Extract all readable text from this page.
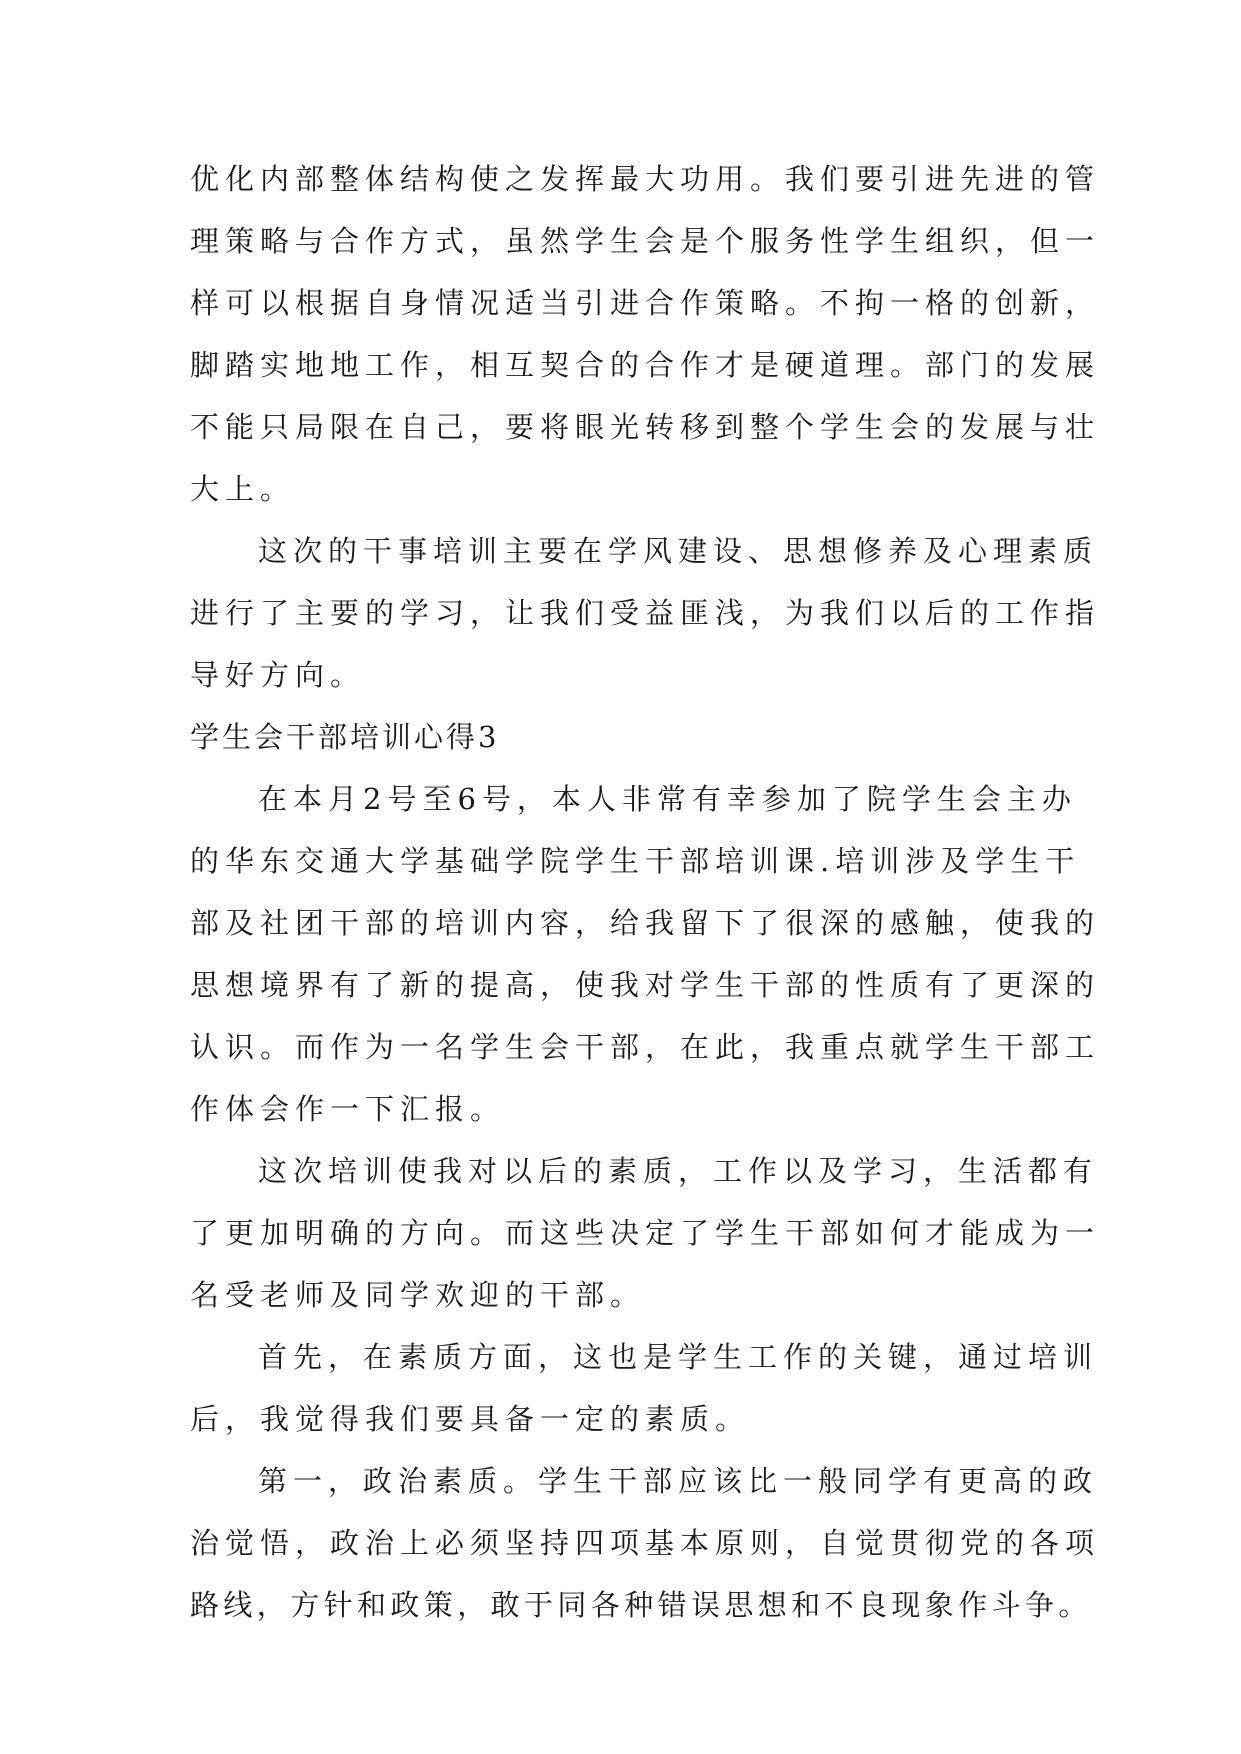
优化内部整体结构使之发挥最大功用。我们要引进先进的管
理策略与合作方式，虽然学生会是个服务性学生组织，但一
样可以根据自身情况适当引进合作策略。不拘一格的创新，
脚踏实地地工作，相互契合的合作才是硬道理。部门的发展
不能只局限在自己，要将眼光转移到整个学生会的发展与壮
大上。
这次的干事培训主要在学风建设、思想修养及心理素质
进行了主要的学习，让我们受益匪浅，为我们以后的工作指
导好方向。
学生会干部培训心得3
在本月2号至6号，本人非常有幸参加了院学生会主办
的华东交通大学基础学院学生干部培训课.培训涉及学生干
部及社团干部的培训内容，给我留下了很深的感触，使我的
思想境界有了新的提高，使我对学生干部的性质有了更深的
认识。而作为一名学生会干部，在此，我重点就学生干部工
作体会作一下汇报。
这次培训使我对以后的素质，工作以及学习，生活都有
了更加明确的方向。而这些决定了学生干部如何才能成为一
名受老师及同学欢迎的干部。
首先，在素质方面，这也是学生工作的关键，通过培训
后，我觉得我们要具备一定的素质。
第一，政治素质。学生干部应该比一般同学有更高的政
治觉悟，政治上必须坚持四项基本原则，自觉贯彻党的各项
路线，方针和政策，敢于同各种错误思想和不良现象作斗争。
